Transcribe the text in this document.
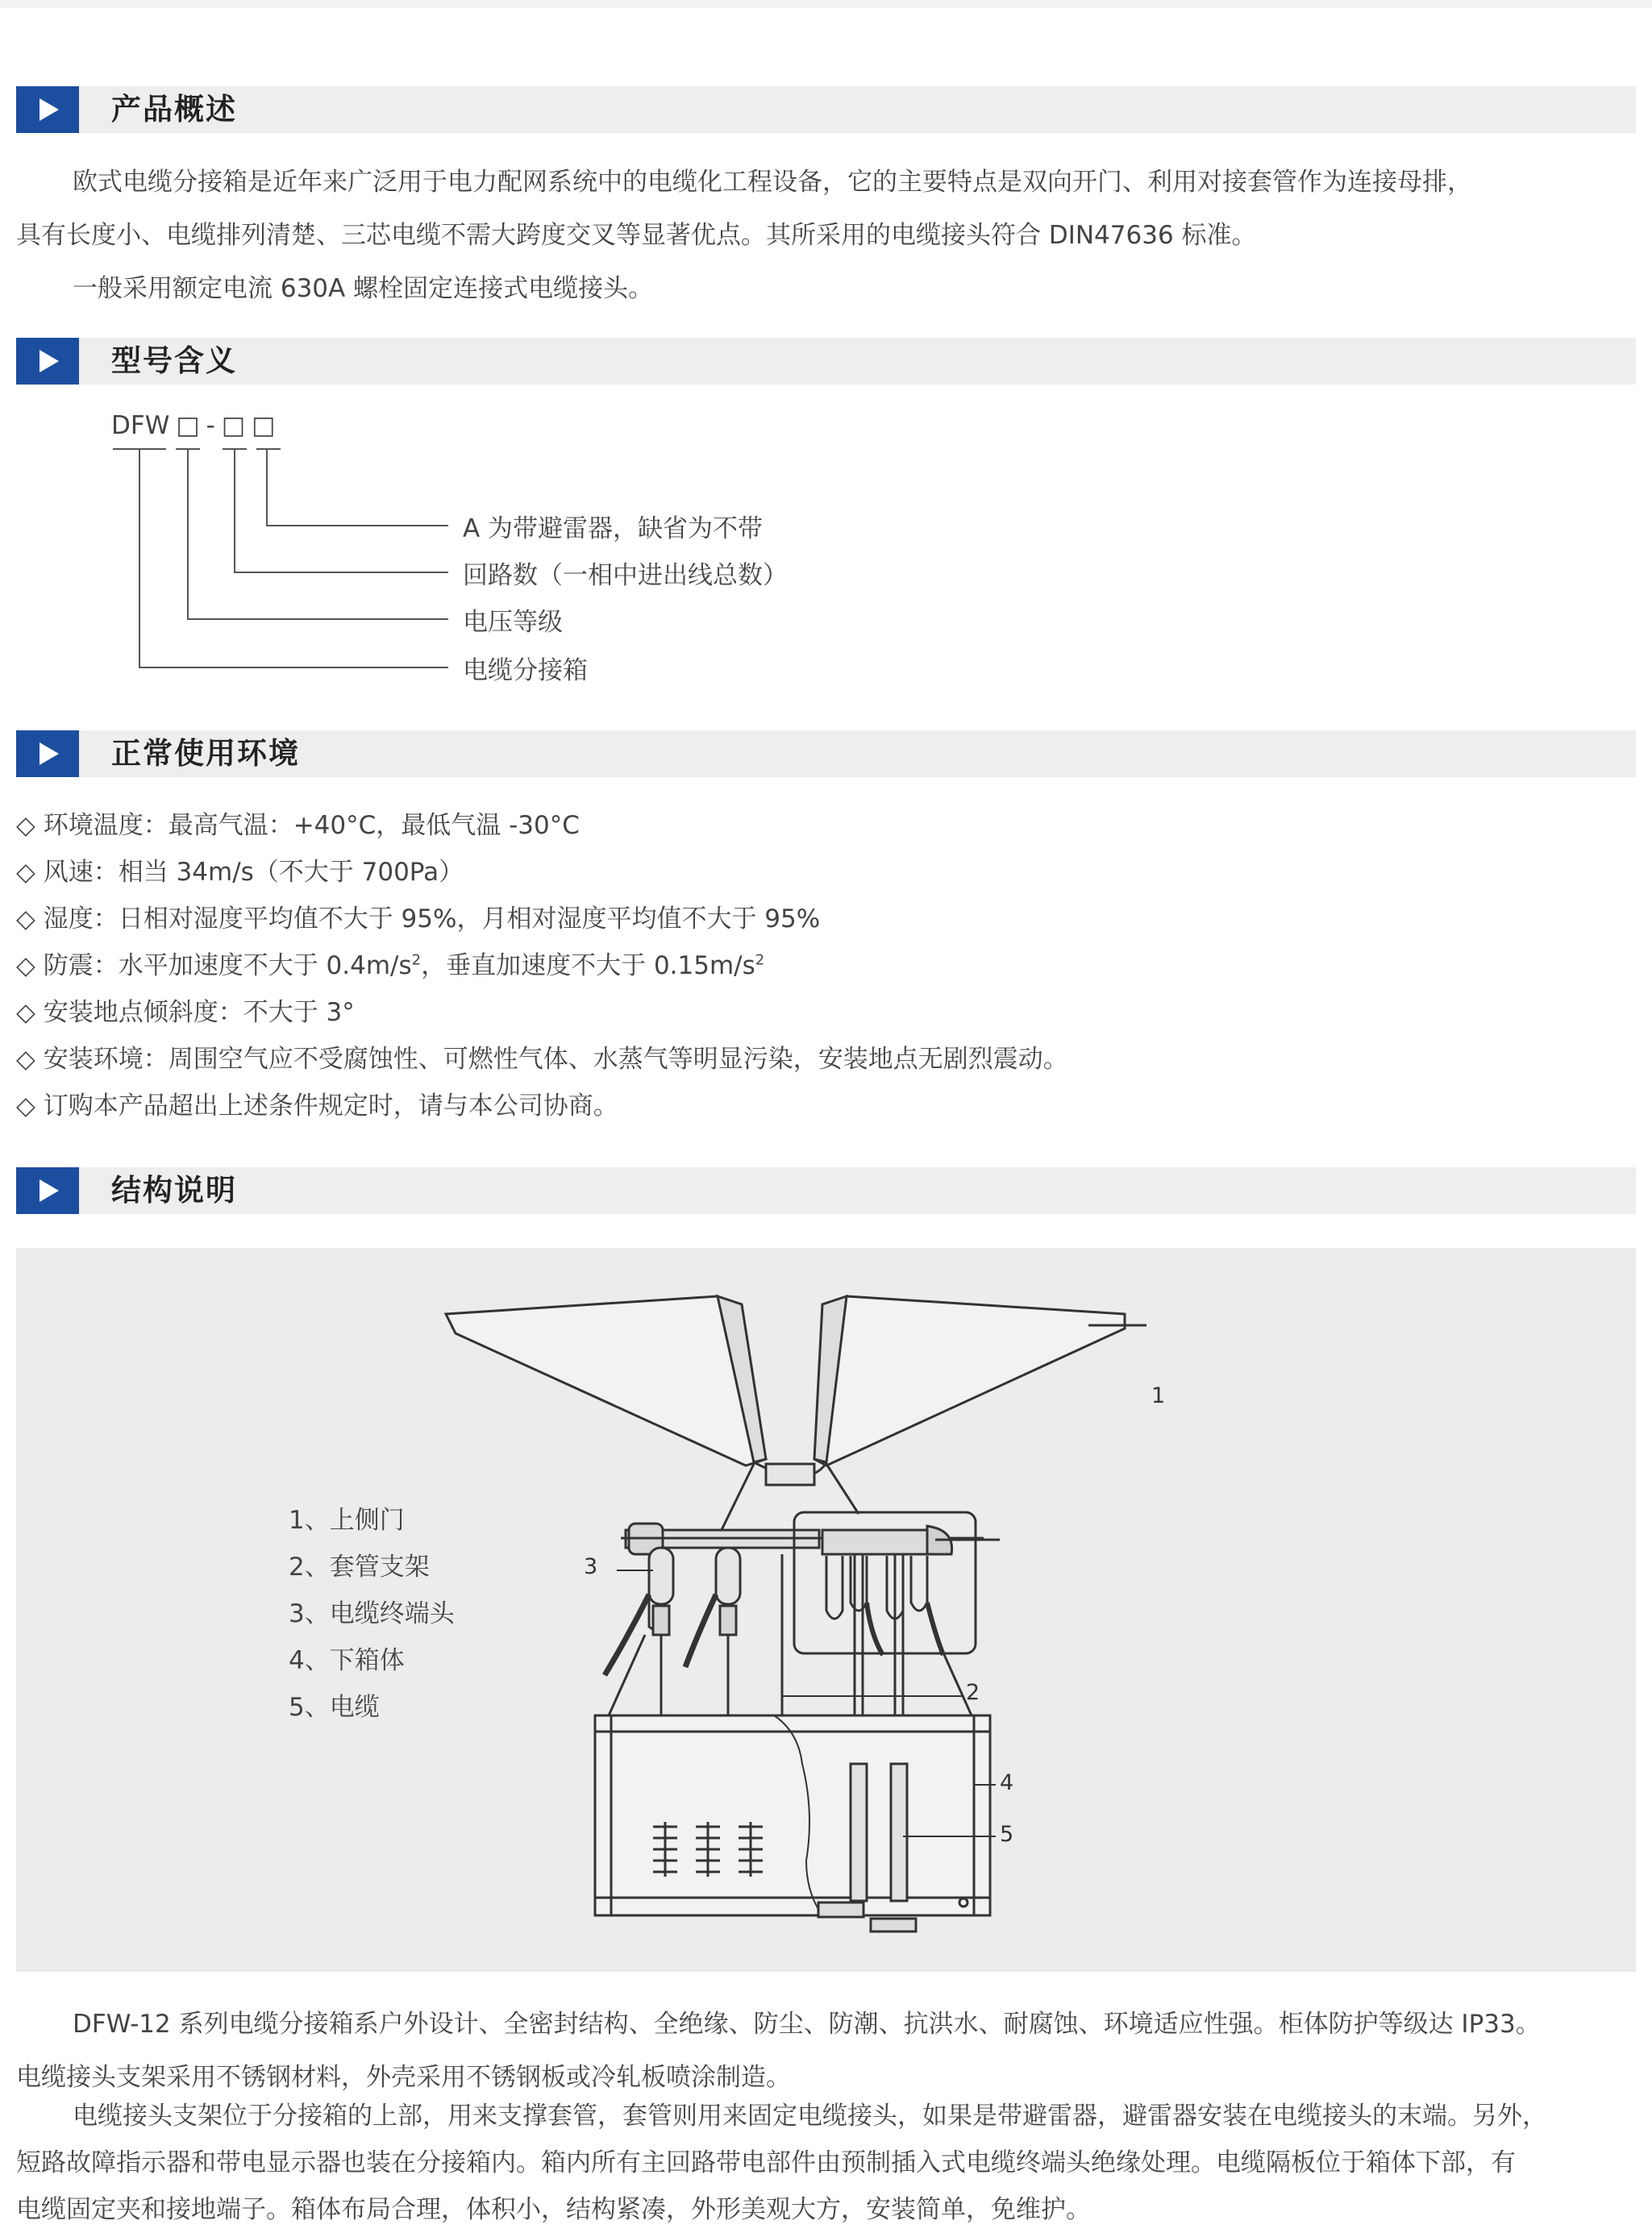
产品概述

欧式电缆分接箱是近年来广泛用于电力配网系统中的电缆化工程设备，它的主要特点是双向开门、利用对接套管作为连接母排，
具有长度小、电缆排列清楚、三芯电缆不需大跨度交叉等显著优点。其所采用的电缆接头符合 DIN47636 标准。

一般采用额定电流 630A 螺栓固定连接式电缆接头。

型号含义
DFW □ - □ □
A 为带避雷器，缺省为不带
回路数（一相中进出线总数）
电压等级
电缆分接箱
正常使用环境
◇ 环境温度：最高气温：+40°C，最低气温 -30°C
◇ 风速：相当 34m/s（不大于 700Pa）
◇ 湿度：日相对湿度平均值不大于 95%，月相对湿度平均值不大于 95%
◇ 防震：水平加速度不大于 $0.4m/s^2$，垂直加速度不大于 $0.15m/s^2$
◇ 安装地点倾斜度：不大于 3°
◇ 安装环境：周围空气应不受腐蚀性、可燃性气体、水蒸气等明显污染，安装地点无剧烈震动。
◇ 订购本产品超出上述条件规定时，请与本公司协商。
结构说明
1、上侧门
2、套管支架
3、电缆终端头
4、下箱体
5、电缆
1
2
3
4
5

DFW-12 系列电缆分接箱系户外设计、全密封结构、全绝缘、防尘、防潮、抗洪水、耐腐蚀、环境适应性强。柜体防护等级达 IP33。
电缆接头支架采用不锈钢材料，外壳采用不锈钢板或冷轧板喷涂制造。

电缆接头支架位于分接箱的上部，用来支撑套管，套管则用来固定电缆接头，如果是带避雷器，避雷器安装在电缆接头的末端。另外，
短路故障指示器和带电显示器也装在分接箱内。箱内所有主回路带电部件由预制插入式电缆终端头绝缘处理。电缆隔板位于箱体下部，有
电缆固定夹和接地端子。箱体布局合理，体积小，结构紧凑，外形美观大方，安装简单，免维护。
